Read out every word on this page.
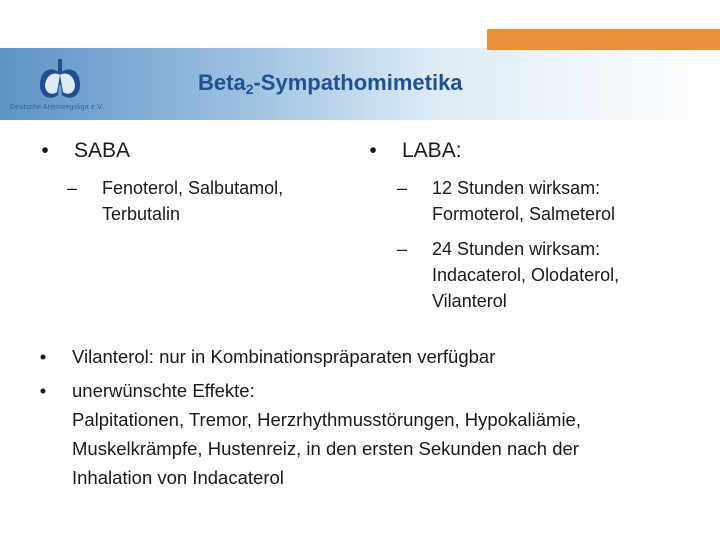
Deutsche Atemwegsliga e.V.
Beta$_2$-Sympathomimetika
•	SABA
–	Fenoterol, Salbutamol,
Terbutalin
•	LABA:
–	12 Stunden wirksam:
Formoterol, Salmeterol
–	24 Stunden wirksam:
Indacaterol, Olodaterol,
Vilanterol
•	Vilanterol: nur in Kombinationspräparaten verfügbar
•	unerwünschte Effekte:
Palpitationen, Tremor, Herzrhythmusstörungen, Hypokaliämie,
Muskelkrämpfe, Hustenreiz, in den ersten Sekunden nach der
Inhalation von Indacaterol
